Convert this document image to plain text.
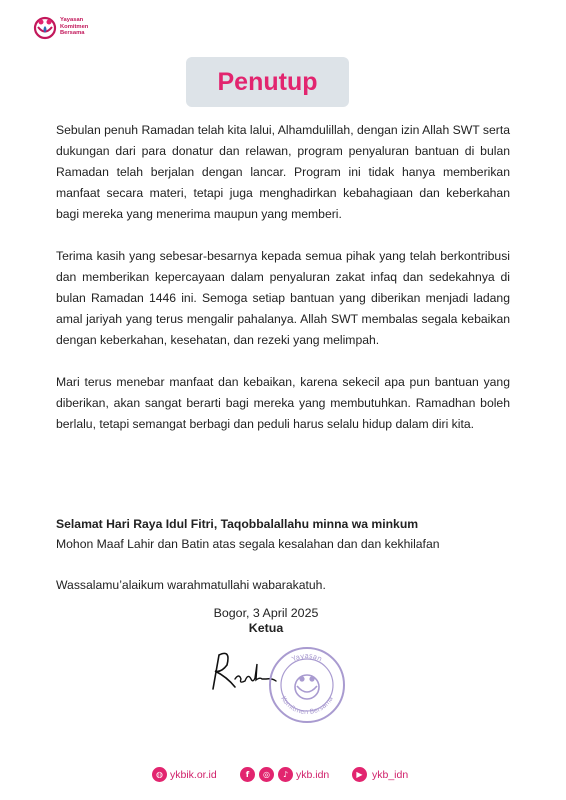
Yayasan
Komitmen
Bersama
Penutup

Sebulan penuh Ramadan telah kita lalui, Alhamdulillah, dengan izin Allah SWT serta dukungan dari para donatur dan relawan, program penyaluran bantuan di bulan Ramadan telah berjalan dengan lancar. Program ini tidak hanya memberikan manfaat secara materi, tetapi juga menghadirkan kebahagiaan dan keberkahan bagi mereka yang menerima maupun yang memberi.

Terima kasih yang sebesar-besarnya kepada semua pihak yang telah berkontribusi dan memberikan kepercayaan dalam penyaluran zakat infaq dan sedekahnya di bulan Ramadan 1446 ini. Semoga setiap bantuan yang diberikan menjadi ladang amal jariyah yang terus mengalir pahalanya. Allah SWT membalas segala kebaikan dengan keberkahan, kesehatan, dan rezeki yang melimpah.

Mari terus menebar manfaat dan kebaikan, karena sekecil apa pun bantuan yang diberikan, akan sangat berarti bagi mereka yang membutuhkan. Ramadhan boleh berlalu, tetapi semangat berbagi dan peduli harus selalu hidup dalam diri kita.

Selamat Hari Raya Idul Fitri, Taqobbalallahu minna wa minkum
Mohon Maaf Lahir dan Batin atas segala kesalahan dan dan kekhilafan
Wassalamu’alaikum warahmatullahi wabarakatuh.
Bogor, 3 April 2025
Ketua
Yayasan
Komitmen Bersama
◍ ykbik.or.id	f	◎	♪ ykb.idn	▶ ykb_idn
